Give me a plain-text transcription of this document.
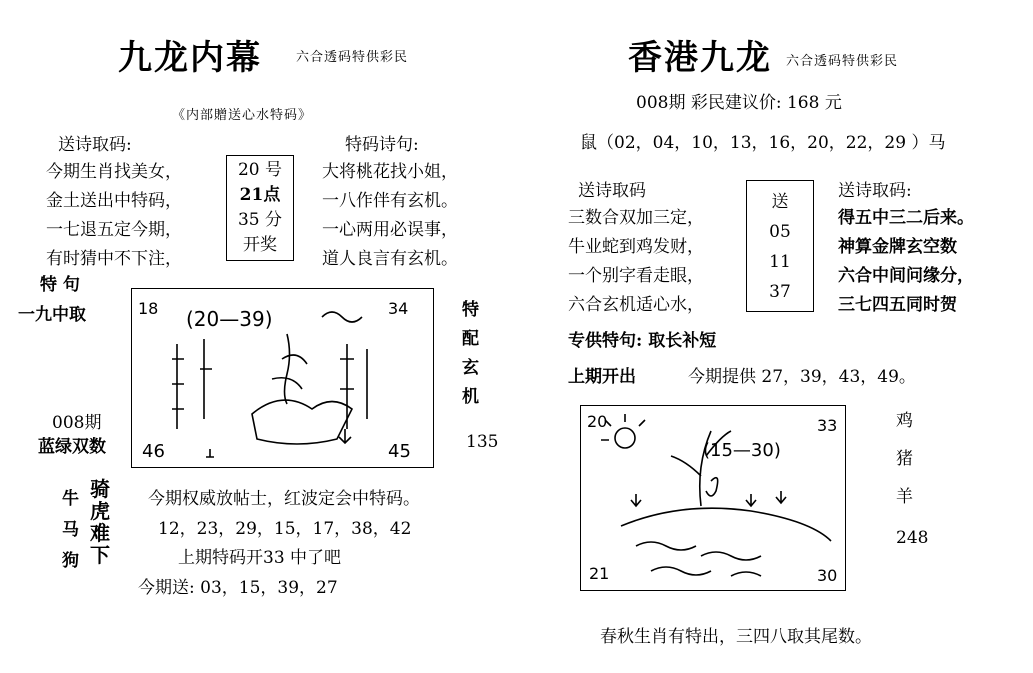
九龙内幕	六合透码特供彩民
《内部贈送心水特码》
送诗取码:
今期生肖找美女，
金土送出中特码，
一七退五定今期，
有时猜中不下注，
20 号
21点
35 分
开奖
特码诗句:
大将桃花找小姐，
一八作伴有玄机。
一心两用必误事，
道人良言有玄机。
特 句
一九中取
008期
蓝绿双数
18 (20—39)	34
46	45
特
配
玄
机
135
牛
马
狗
骑
虎
难
下
今期权威放帖士，红波定会中特码。
12，23，29，15，17，38，42
上期特码开33 中了吧
今期送: 03，15，39，27
香港九龙 六合透码特供彩民
008期 彩民建议价: 168 元
鼠（02，04，10，13，16，20，22，29 ）马
送诗取码	送诗取码:
三数合双加三定，
牛业蛇到鸡发财，
一个别字看走眼，
六合玄机适心水，
送
05
11
37
得五中三二后来。
神算金牌玄空数
六合中间问缘分，
三七四五同时贺
专供特句: 取长补短
上期开出	今期提供 27，39，43，49。
20	33
(15—30)
21	30
鸡
猪
羊
248
春秋生肖有特出，三四八取其尾数。
